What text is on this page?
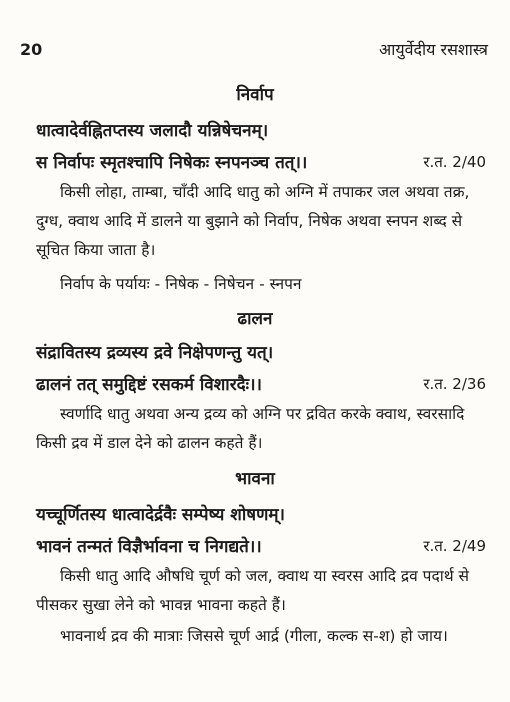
20	आयुर्वेदीय रसशास्त्र
निर्वाप
धात्वादेर्वह्नितप्तस्य जलादौ यन्निषेचनम्।
स निर्वापः स्मृतश्चापि निषेकः स्नपनञ्च तत्।।	र.त. 2/40

किसी लोहा, ताम्बा, चाँदी आदि धातु को अग्नि में तपाकर जल अथवा तक्र, दुग्ध, क्वाथ आदि में डालने या बुझाने को निर्वाप, निषेक अथवा स्नपन शब्द से सूचित किया जाता है।

निर्वाप के पर्यायः - निषेक - निषेचन - स्नपन
ढालन
संद्रावितस्य द्रव्यस्य द्रवे निक्षेपणन्तु यत्।
ढालनं तत् समुद्दिष्टं रसकर्म विशारदैः।।	र.त. 2/36

स्वर्णादि धातु अथवा अन्य द्रव्य को अग्नि पर द्रवित करके क्वाथ, स्वरसादि किसी द्रव में डाल देने को ढालन कहते हैं।

भावना
यच्चूर्णितस्य धात्वादेर्द्रवैः सम्पेष्य शोषणम्।
भावनं तन्मतं विज्ञैर्भावना च निगद्यते।।	र.त. 2/49

किसी धातु आदि औषधि चूर्ण को जल, क्वाथ या स्वरस आदि द्रव पदार्थ से पीसकर सुखा लेने को भावन्न भावना कहते हैं।

भावनार्थ द्रव की मात्राः जिससे चूर्ण आर्द्र (गीला, कल्क स-श) हो जाय।
